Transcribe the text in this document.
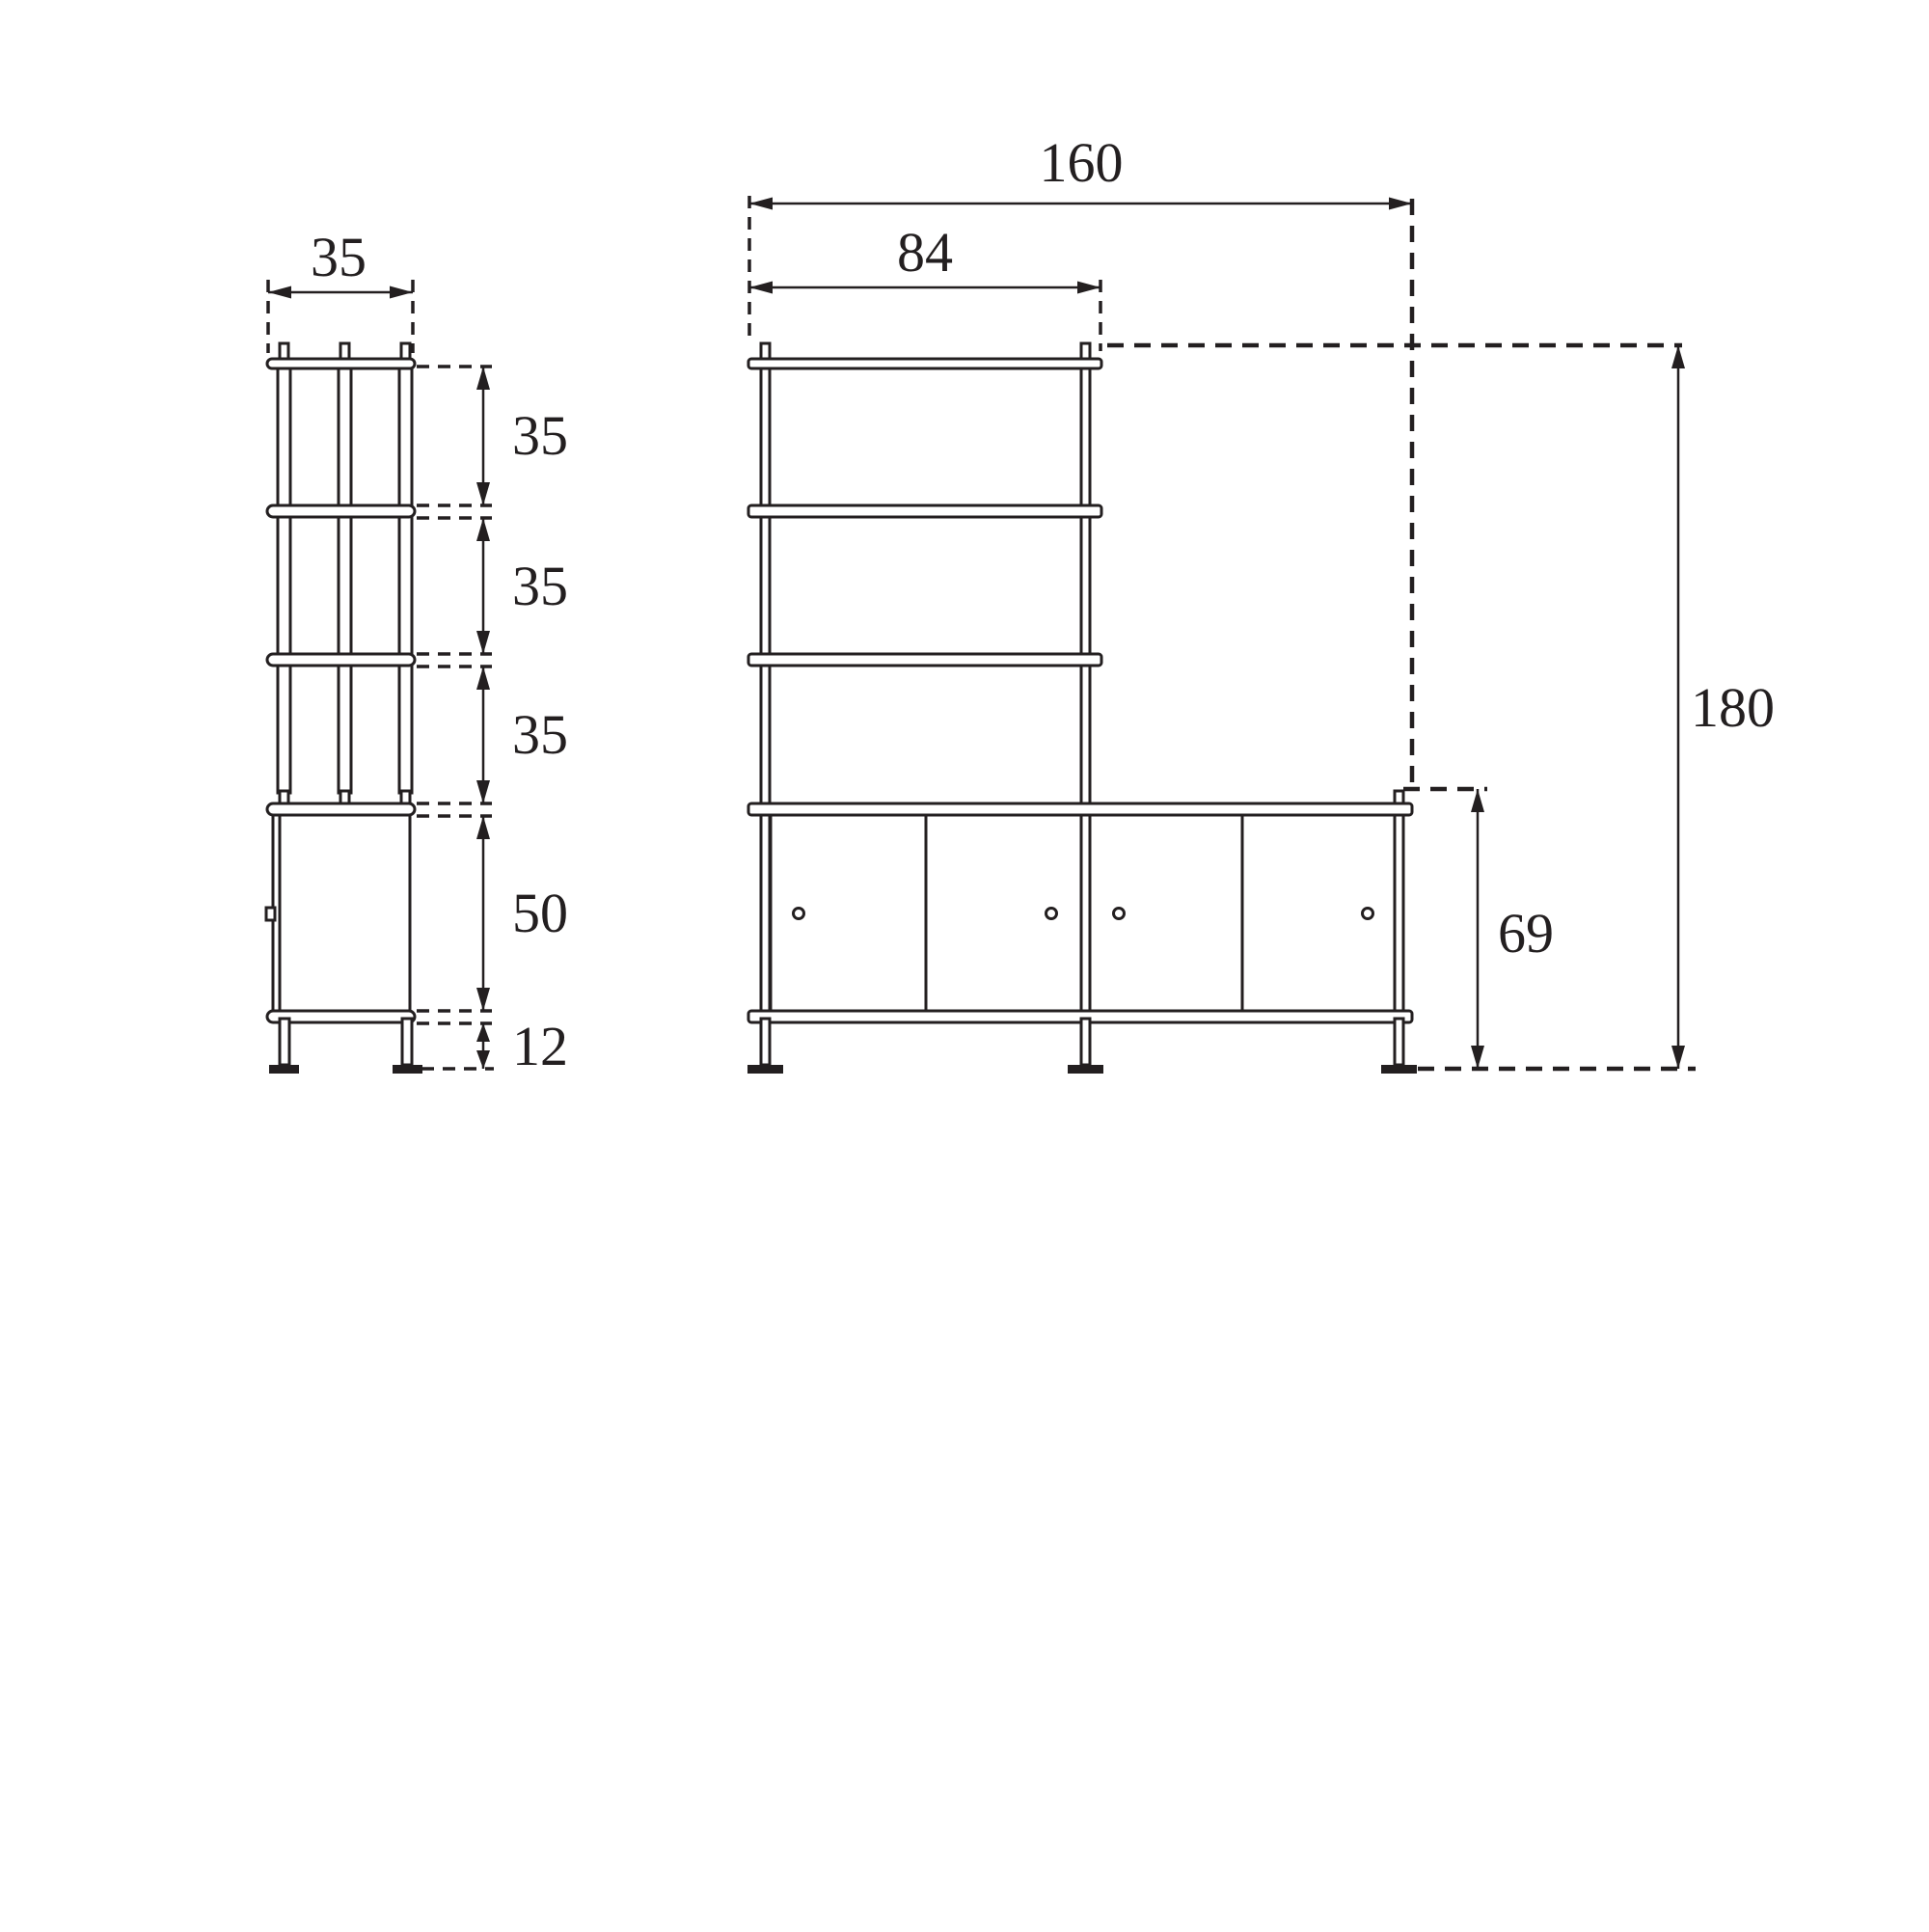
35
35
35
35
50
12
160
84
180
69
